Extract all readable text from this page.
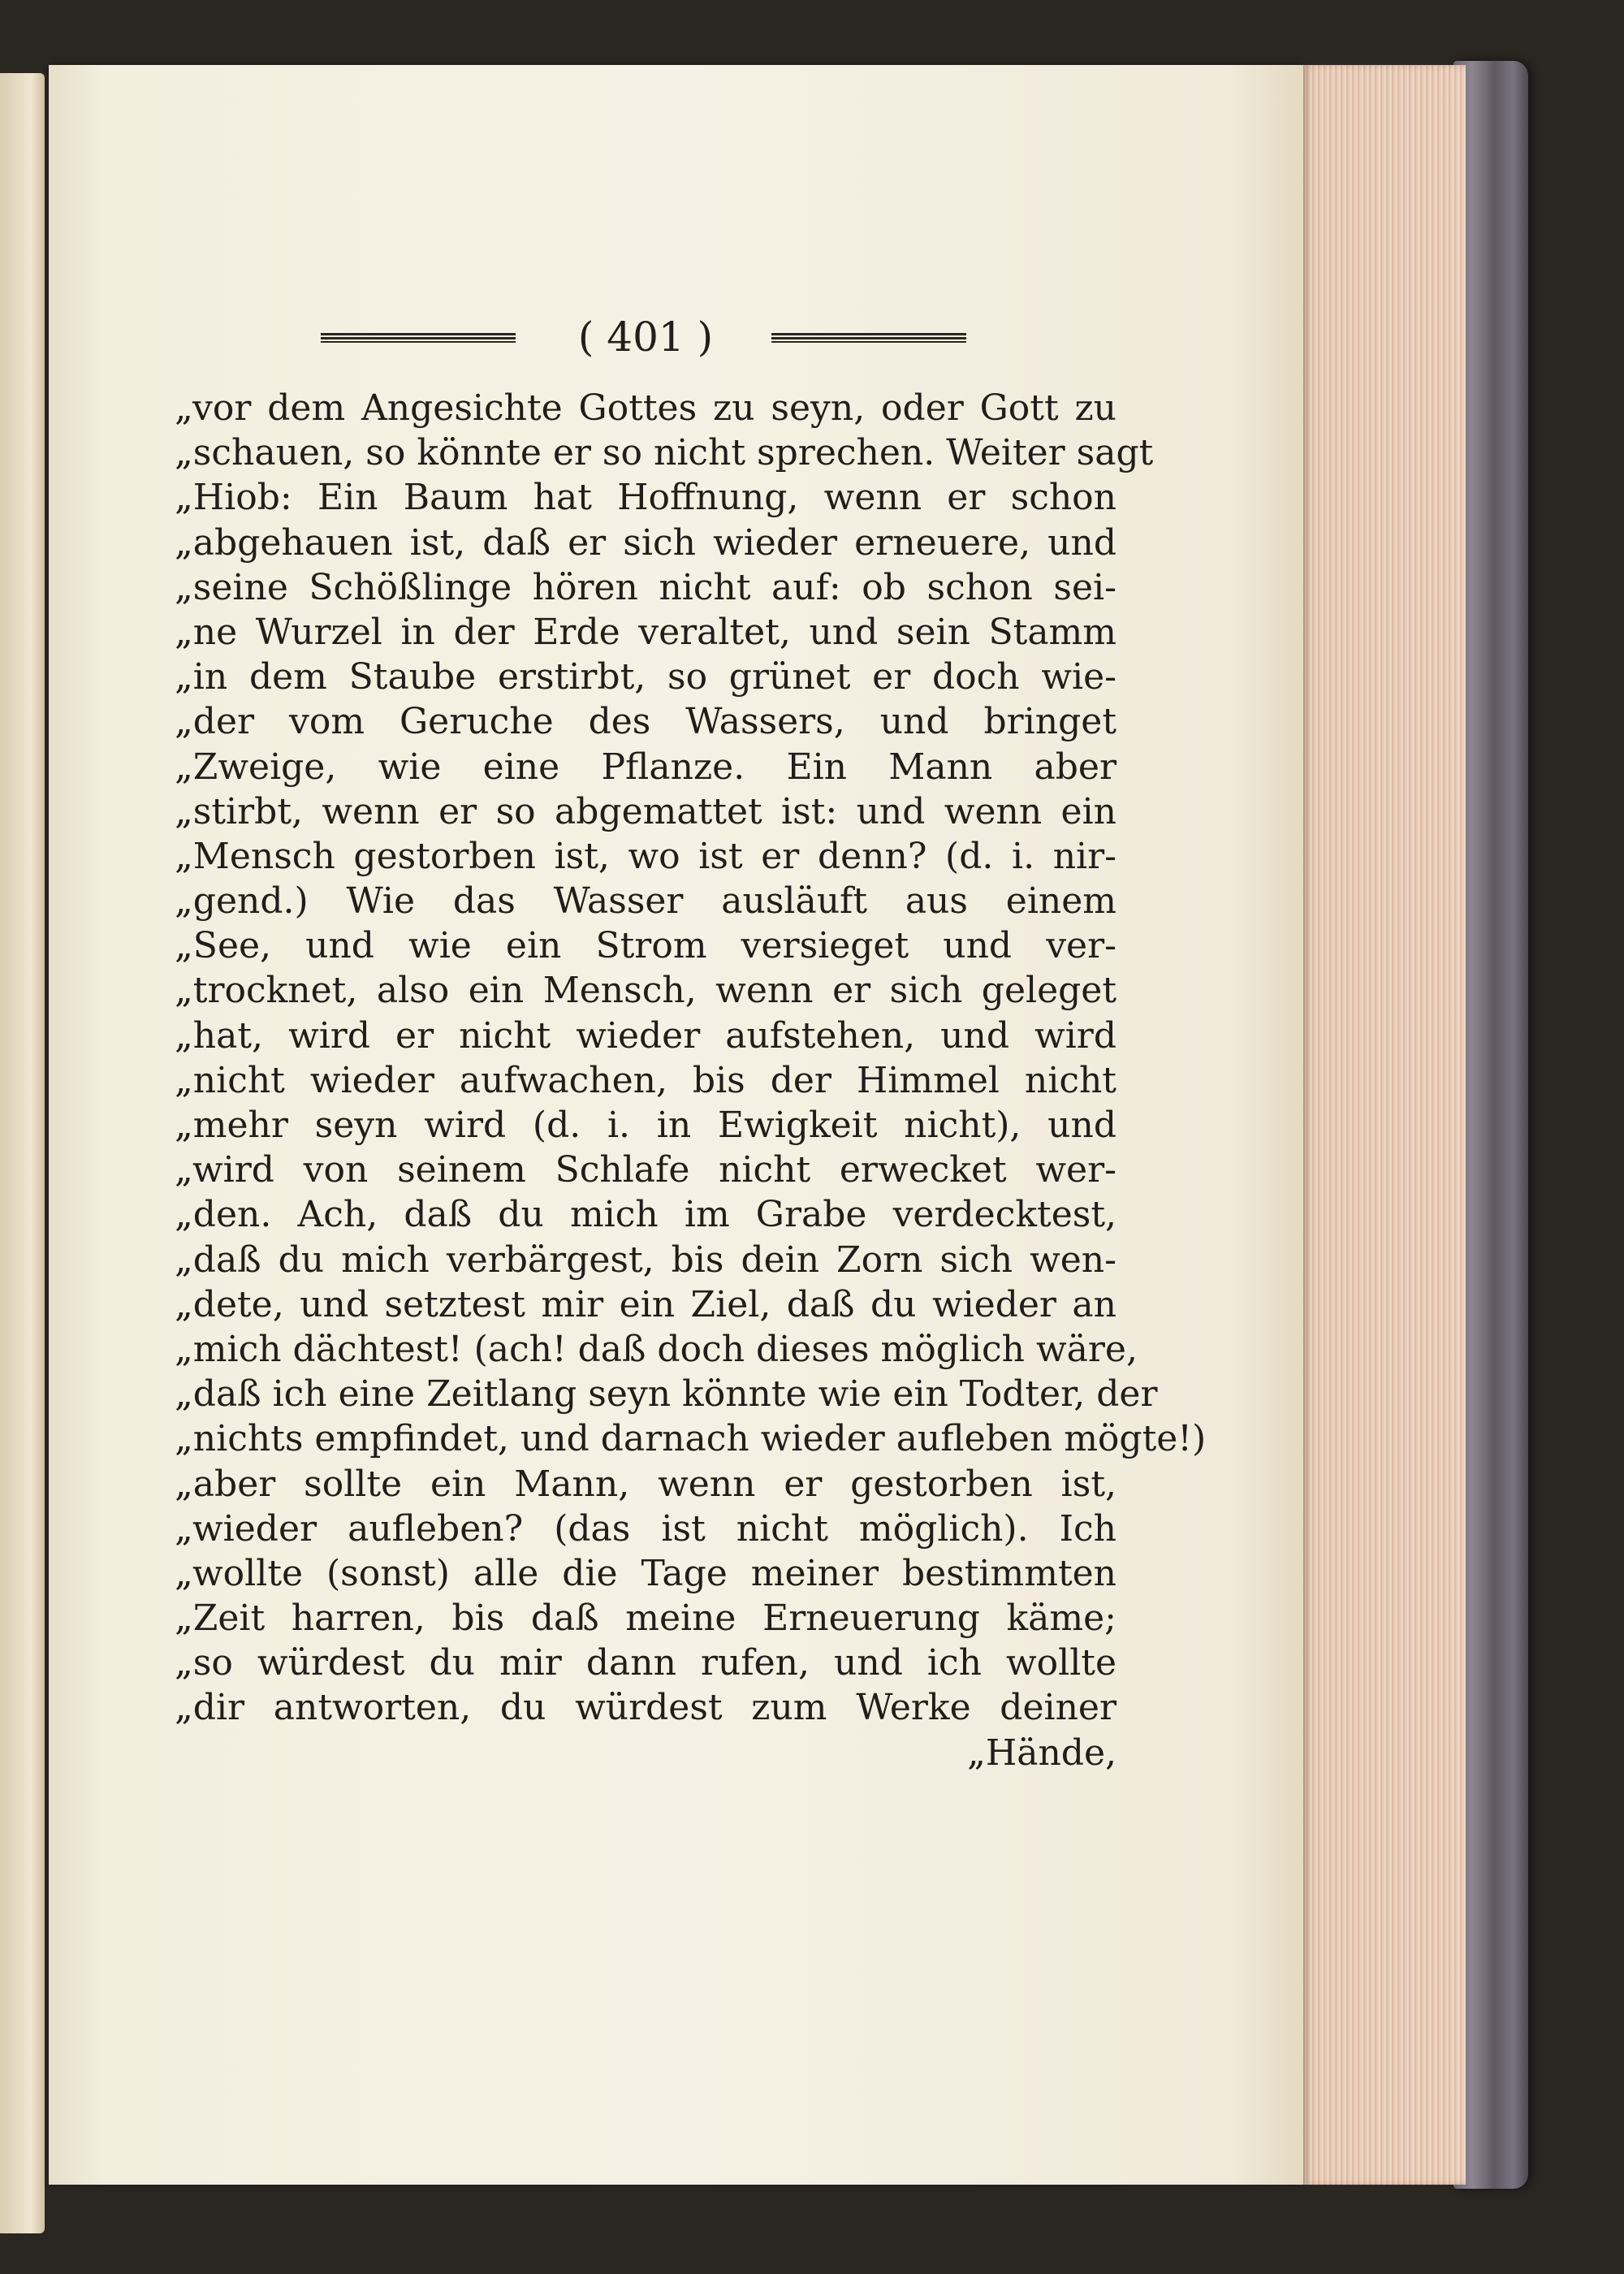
( 401 )
„vor dem Angesichte Gottes zu seyn, oder Gott zu
„schauen, so könnte er so nicht sprechen. Weiter sagt
„Hiob: Ein Baum hat Hoffnung, wenn er schon
„abgehauen ist, daß er sich wieder erneuere, und
„seine Schößlinge hören nicht auf: ob schon sei-
„ne Wurzel in der Erde veraltet, und sein Stamm
„in dem Staube erstirbt, so grünet er doch wie-
„der vom Geruche des Wassers, und bringet
„Zweige, wie eine Pflanze. Ein Mann aber
„stirbt, wenn er so abgemattet ist: und wenn ein
„Mensch gestorben ist, wo ist er denn? (d. i. nir-
„gend.) Wie das Wasser ausläuft aus einem
„See, und wie ein Strom versieget und ver-
„trocknet, also ein Mensch, wenn er sich geleget
„hat, wird er nicht wieder aufstehen, und wird
„nicht wieder aufwachen, bis der Himmel nicht
„mehr seyn wird (d. i. in Ewigkeit nicht), und
„wird von seinem Schlafe nicht erwecket wer-
„den. Ach, daß du mich im Grabe verdecktest,
„daß du mich verbärgest, bis dein Zorn sich wen-
„dete, und setztest mir ein Ziel, daß du wieder an
„mich dächtest! (ach! daß doch dieses möglich wäre,
„daß ich eine Zeitlang seyn könnte wie ein Todter, der
„nichts empfindet, und darnach wieder aufleben mögte!)
„aber sollte ein Mann, wenn er gestorben ist,
„wieder aufleben? (das ist nicht möglich). Ich
„wollte (sonst) alle die Tage meiner bestimmten
„Zeit harren, bis daß meine Erneuerung käme;
„so würdest du mir dann rufen, und ich wollte
„dir antworten, du würdest zum Werke deiner
„Hände,
